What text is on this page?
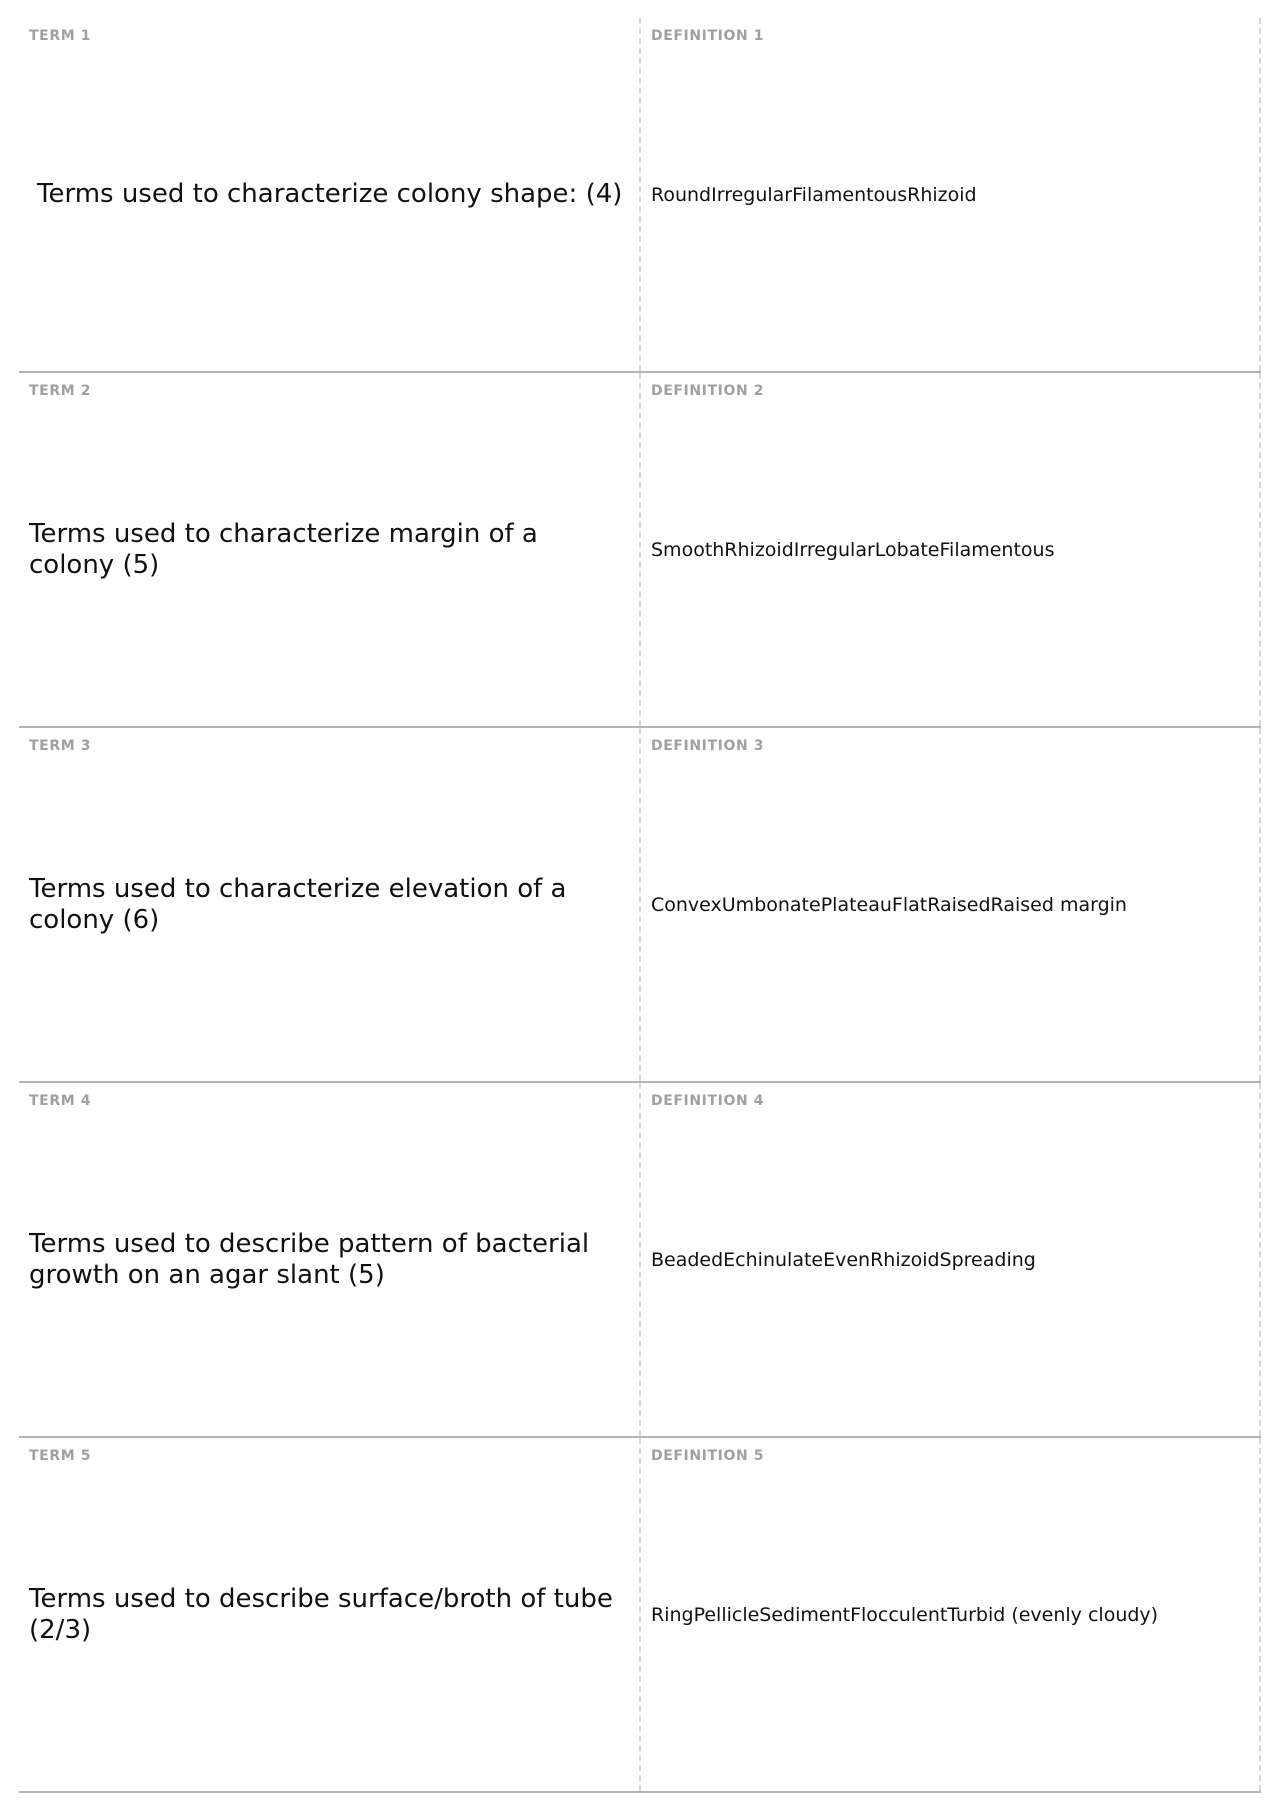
TERM 1
Terms used to characterize colony shape: (4)
DEFINITION 1
RoundIrregularFilamentousRhizoid
TERM 2
Terms used to characterize margin of a colony (5)
DEFINITION 2
SmoothRhizoidIrregularLobateFilamentous
TERM 3
Terms used to characterize elevation of a colony (6)
DEFINITION 3
ConvexUmbonatePlateauFlatRaisedRaised margin
TERM 4
Terms used to describe pattern of bacterial growth on an agar slant (5)
DEFINITION 4
BeadedEchinulateEvenRhizoidSpreading
TERM 5
Terms used to describe surface/broth of tube (2/3)
DEFINITION 5
RingPellicleSedimentFlocculentTurbid (evenly cloudy)
